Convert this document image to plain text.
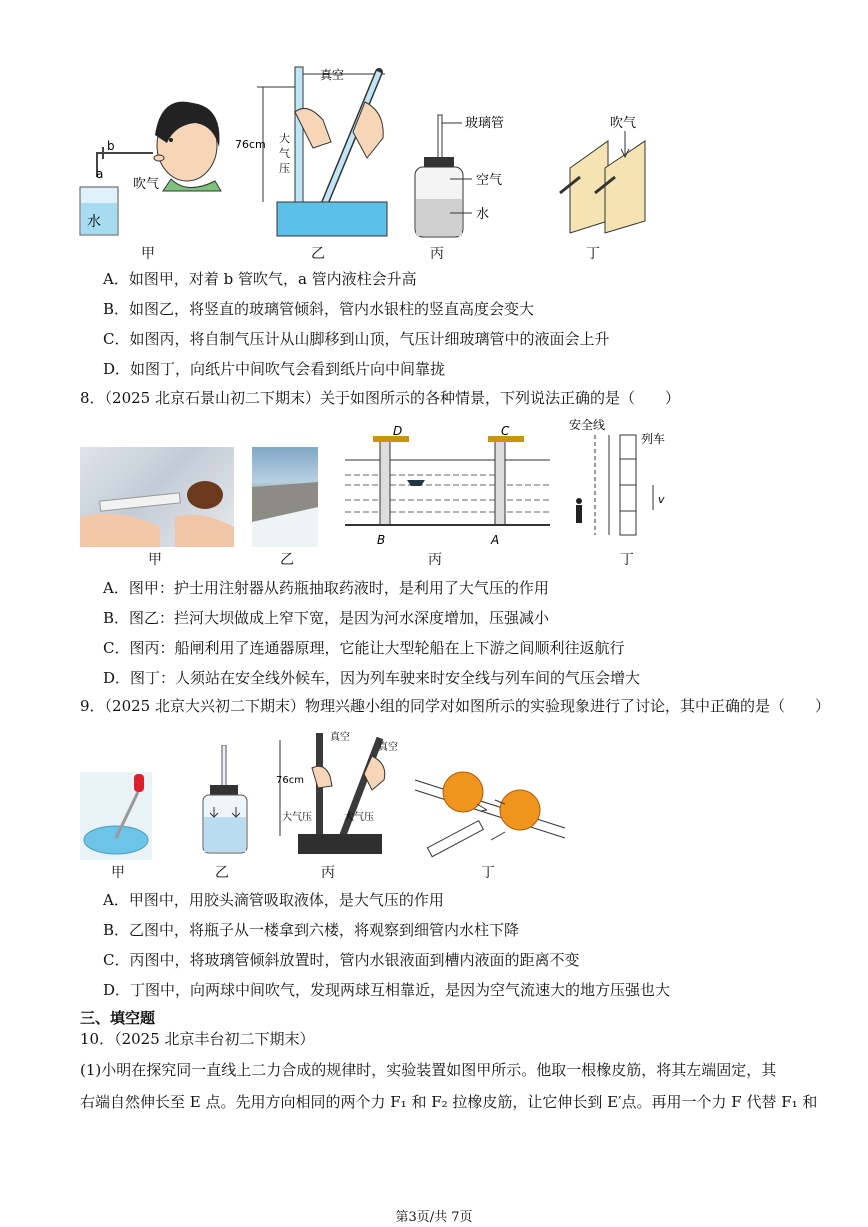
a
b
吹气
水
甲
真空
76cm 大
气
压
乙
玻璃管
空气
水
丙
吹气
丁
A．如图甲，对着 b 管吹气，a 管内液柱会升高
B．如图乙，将竖直的玻璃管倾斜，管内水银柱的竖直高度会变大
C．如图丙，将自制气压计从山脚移到山顶，气压计细玻璃管中的液面会上升
D．如图丁，向纸片中间吹气会看到纸片向中间靠拢
8．（2025 北京石景山初二下期末）关于如图所示的各种情景，下列说法正确的是（　　）
甲	乙
D	C
B	A
丙
安全线
列车
v
丁
A．图甲：护士用注射器从药瓶抽取药液时，是利用了大气压的作用
B．图乙：拦河大坝做成上窄下宽，是因为河水深度增加，压强减小
C．图丙：船闸利用了连通器原理，它能让大型轮船在上下游之间顺利往返航行
D．图丁：人须站在安全线外候车，因为列车驶来时安全线与列车间的气压会增大
9．（2025 北京大兴初二下期末）物理兴趣小组的同学对如图所示的实验现象进行了讨论，其中正确的是（　　）
甲	乙
真空
真空
76cm
大气压	大气压
丙	丁
A．甲图中，用胶头滴管吸取液体，是大气压的作用
B．乙图中，将瓶子从一楼拿到六楼，将观察到细管内水柱下降
C．丙图中，将玻璃管倾斜放置时，管内水银液面到槽内液面的距离不变
D．丁图中，向两球中间吹气，发现两球互相靠近，是因为空气流速大的地方压强也大
三、填空题
10．（2025 北京丰台初二下期末）
(1)小明在探究同一直线上二力合成的规律时，实验装置如图甲所示。他取一根橡皮筋，将其左端固定，其
右端自然伸长至 E 点。先用方向相同的两个力 F₁ 和 F₂ 拉橡皮筋，让它伸长到 E′点。再用一个力 F 代替 F₁ 和
第3页/共 7页
